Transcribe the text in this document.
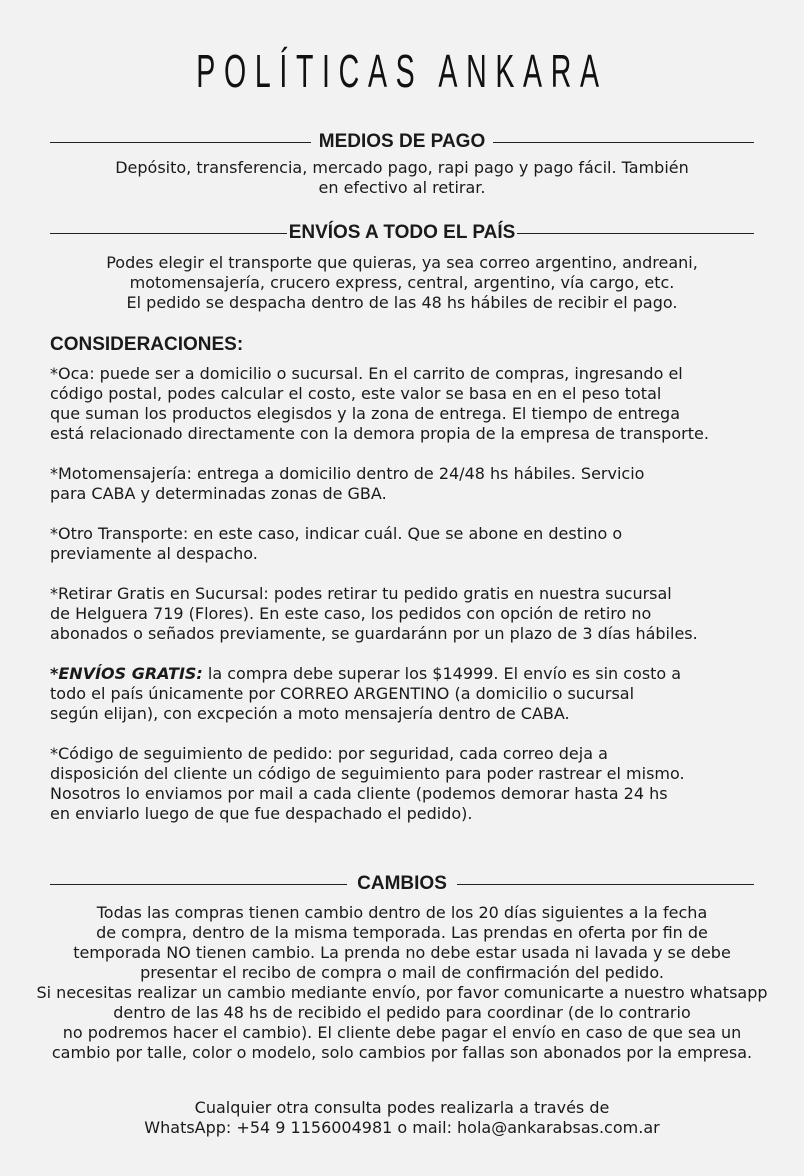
POLÍTICAS ANKARA
MEDIOS DE PAGO
Depósito, transferencia, mercado pago, rapi pago y pago fácil. También
en efectivo al retirar.
ENVÍOS A TODO EL PAÍS
Podes elegir el transporte que quieras, ya sea correo argentino, andreani,
motomensajería, crucero express, central, argentino, vía cargo, etc.
El pedido se despacha dentro de las 48 hs hábiles de recibir el pago.
CONSIDERACIONES:
*Oca: puede ser a domicilio o sucursal. En el carrito de compras, ingresando el
código postal, podes calcular el costo, este valor se basa en en el peso total
que suman los productos elegisdos y la zona de entrega. El tiempo de entrega
está relacionado directamente con la demora propia de la empresa de transporte.
*Motomensajería: entrega a domicilio dentro de 24/48 hs hábiles. Servicio
para CABA y determinadas zonas de GBA.
*Otro Transporte: en este caso, indicar cuál. Que se abone en destino o
previamente al despacho.
*Retirar Gratis en Sucursal: podes retirar tu pedido gratis en nuestra sucursal
de Helguera 719 (Flores). En este caso, los pedidos con opción de retiro no
abonados o señados previamente, se guardaránn por un plazo de 3 días hábiles.
*ENVÍOS GRATIS: la compra debe superar los $14999. El envío es sin costo a
todo el país únicamente por CORREO ARGENTINO (a domicilio o sucursal
según elijan), con excpeción a moto mensajería dentro de CABA.
*Código de seguimiento de pedido: por seguridad, cada correo deja a
disposición del cliente un código de seguimiento para poder rastrear el mismo.
Nosotros lo enviamos por mail a cada cliente (podemos demorar hasta 24 hs
en enviarlo luego de que fue despachado el pedido).
CAMBIOS
Todas las compras tienen cambio dentro de los 20 días siguientes a la fecha
de compra, dentro de la misma temporada. Las prendas en oferta por fin de
temporada NO tienen cambio. La prenda no debe estar usada ni lavada y se debe
presentar el recibo de compra o mail de confirmación del pedido.
Si necesitas realizar un cambio mediante envío, por favor comunicarte a nuestro whatsapp
dentro de las 48 hs de recibido el pedido para coordinar (de lo contrario
no podremos hacer el cambio). El cliente debe pagar el envío en caso de que sea un
cambio por talle, color o modelo, solo cambios por fallas son abonados por la empresa.
Cualquier otra consulta podes realizarla a través de
WhatsApp: +54 9 1156004981 o mail: hola@ankarabsas.com.ar
